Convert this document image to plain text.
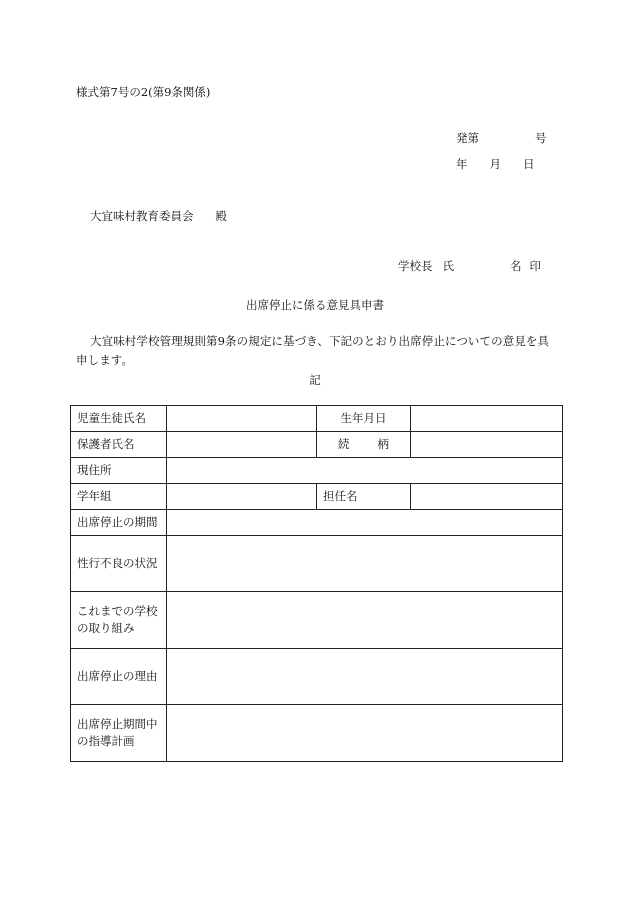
様式第7号の2(第9条関係)
発第	号
年 月 日
大宜味村教育委員会 殿
学校長 氏	名 印
出席停止に係る意見具申書
大宜味村学校管理規則第9条の規定に基づき、下記のとおり出席停止についての意見を具申します。
記
児童生徒氏名		生年月日	
保護者氏名		続 柄	
現住所			
学年組		担任名	
出席停止の期間			
性行不良の状況			
これまでの学校
の取り組み			
出席停止の理由			
出席停止期間中
の指導計画			
